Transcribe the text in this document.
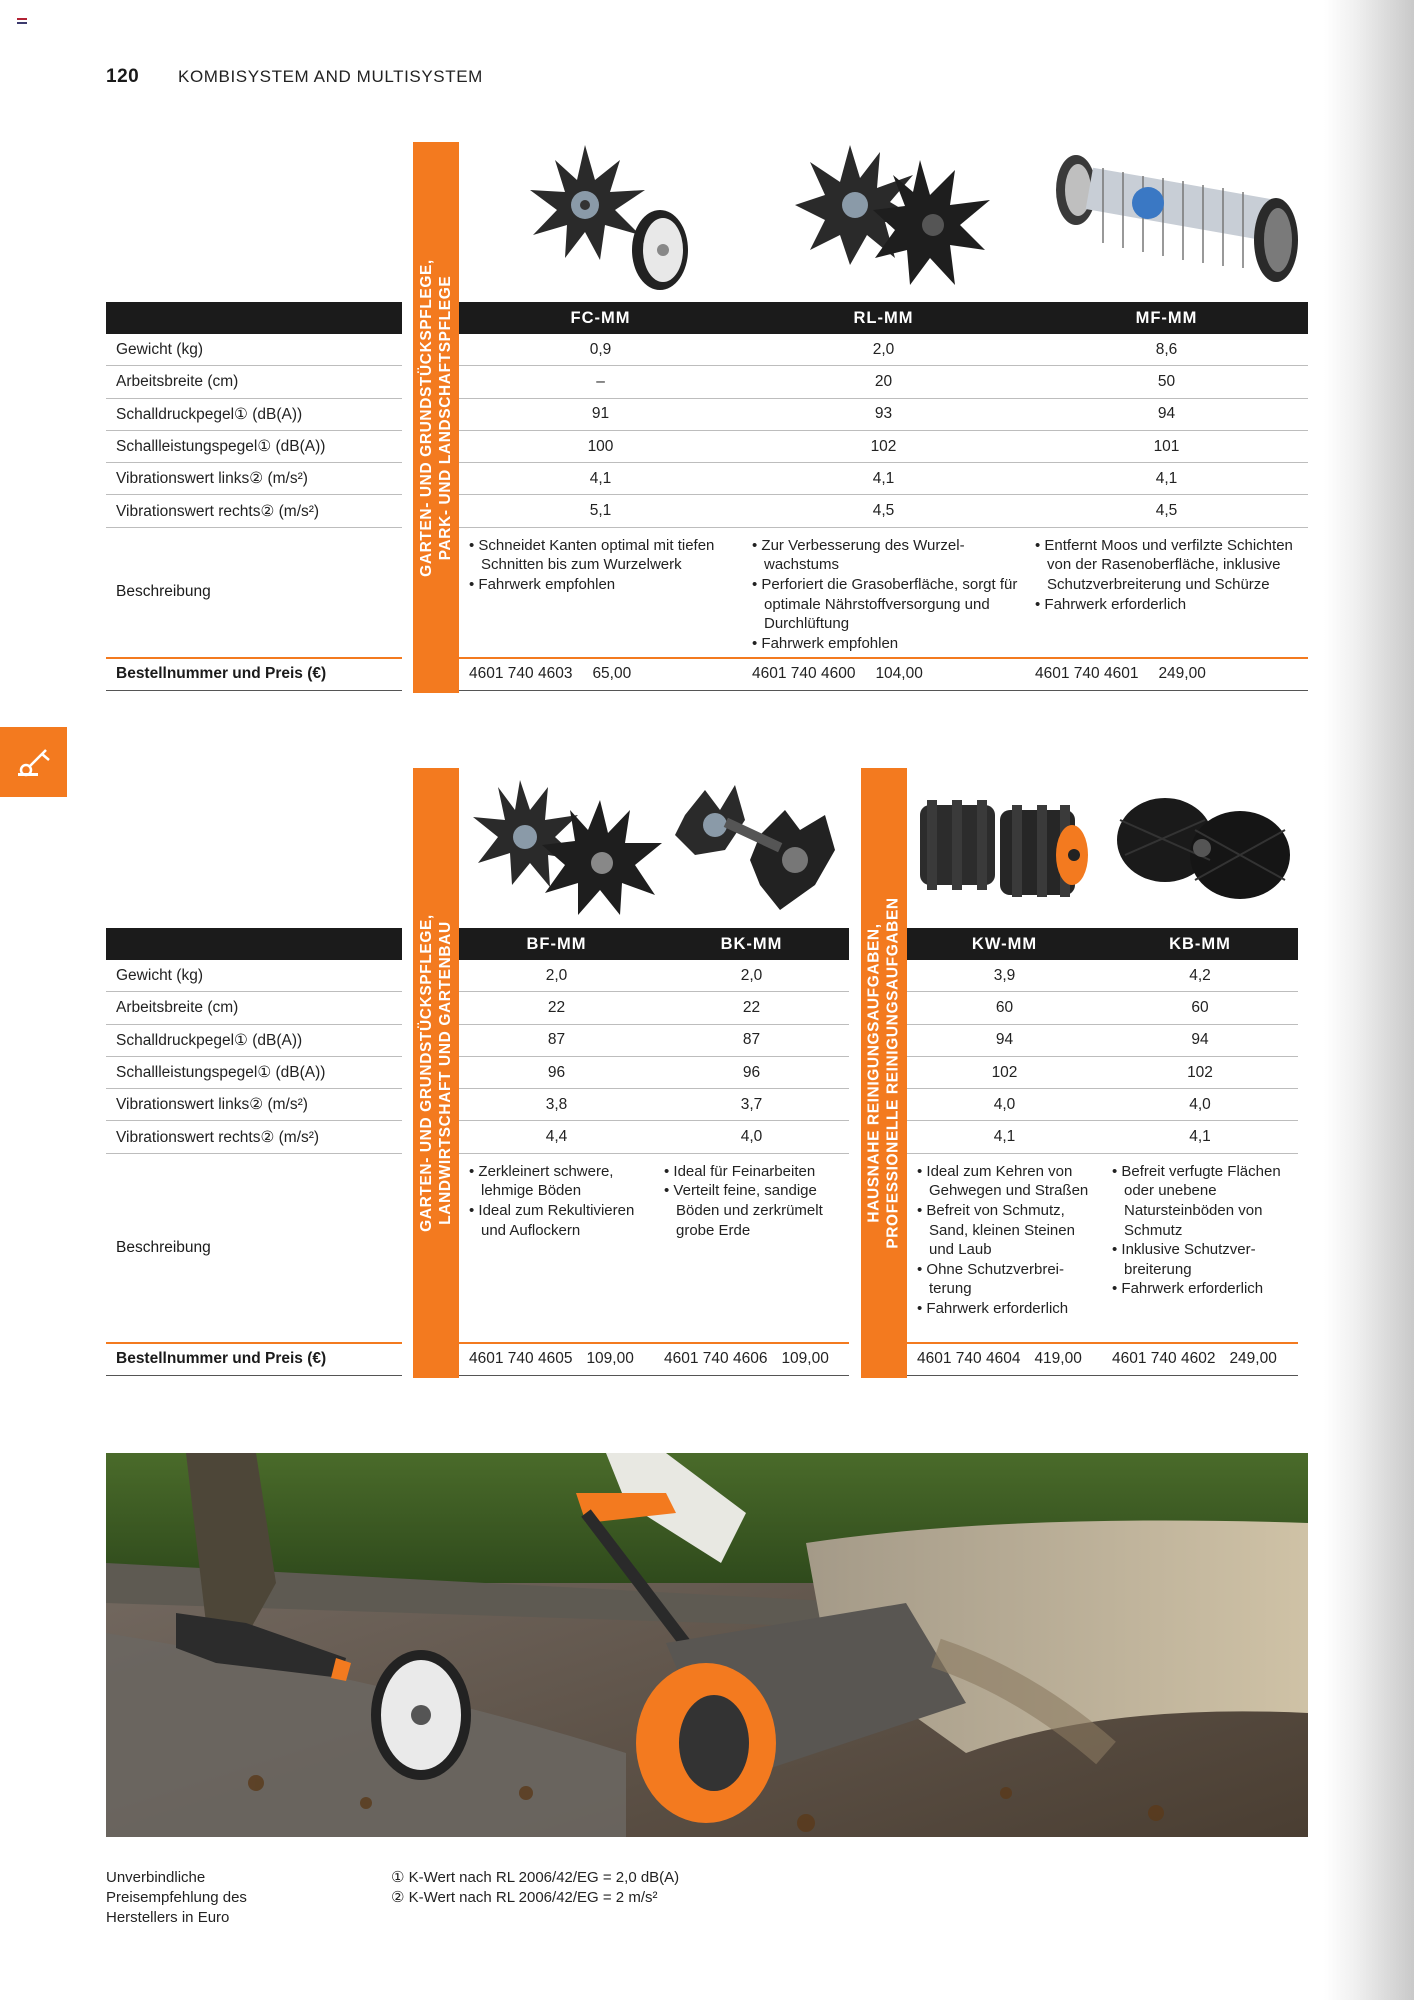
120	KOMBISYSTEM AND MULTISYSTEM
GARTEN- UND GRUNDSTÜCKSPFLEGE, PARK- UND LANDSCHAFTSPFLEGE
Gewicht (kg)
Arbeitsbreite (cm)
Schalldruckpegel① (dB(A))
Schallleistungspegel① (dB(A))
Vibrationswert links② (m/s²)
Vibrationswert rechts② (m/s²)
Beschreibung
Bestellnummer und Preis (€)
FC-MM
0,9
–
91
100
4,1
5,1
• Schneidet Kanten optimal mit tiefen Schnitten bis zum Wurzelwerk
• Fahrwerk empfohlen
4601 740 4603 65,00
RL-MM
2,0
20
93
102
4,1
4,5
• Zur Verbesserung des Wurzelwachstums
• Perforiert die Grasoberfläche, sorgt für optimale Nährstoffversorgung und Durchlüftung
• Fahrwerk empfohlen
4601 740 4600 104,00
MF-MM
8,6
50
94
101
4,1
4,5
• Entfernt Moos und verfilzte Schichten von der Rasenoberfläche, inklusive Schutzverbreiterung und Schürze
• Fahrwerk erforderlich
4601 740 4601 249,00
GARTEN- UND GRUNDSTÜCKSPFLEGE, LANDWIRTSCHAFT UND GARTENBAU	HAUSNAHE REINIGUNGSAUFGABEN, PROFESSIONELLE REINIGUNGSAUFGABEN
Gewicht (kg)
Arbeitsbreite (cm)
Schalldruckpegel① (dB(A))
Schallleistungspegel① (dB(A))
Vibrationswert links② (m/s²)
Vibrationswert rechts② (m/s²)
Beschreibung
Bestellnummer und Preis (€)
BF-MM
2,0
22
87
96
3,8
4,4
• Zerkleinert schwere, lehmige Böden
• Ideal zum Rekultivieren und Auflockern
4601 740 4605 109,00
BK-MM
2,0
22
87
96
3,7
4,0
• Ideal für Feinarbeiten
• Verteilt feine, sandige Böden und zerkrümelt grobe Erde
4601 740 4606 109,00
KW-MM
3,9
60
94
102
4,0
4,1
• Ideal zum Kehren von Gehwegen und Straßen
• Befreit von Schmutz, Sand, kleinen Steinen und Laub
• Ohne Schutzverbreiterung
• Fahrwerk erforderlich
4601 740 4604 419,00
KB-MM
4,2
60
94
102
4,0
4,1
• Befreit verfugte Flächen oder unebene Natursteinböden von Schmutz
• Inklusive Schutzverbreiterung
• Fahrwerk erforderlich
4601 740 4602 249,00
Unverbindliche Preisempfehlung des Herstellers in Euro
① K-Wert nach RL 2006/42/EG = 2,0 dB(A)
② K-Wert nach RL 2006/42/EG = 2 m/s²
